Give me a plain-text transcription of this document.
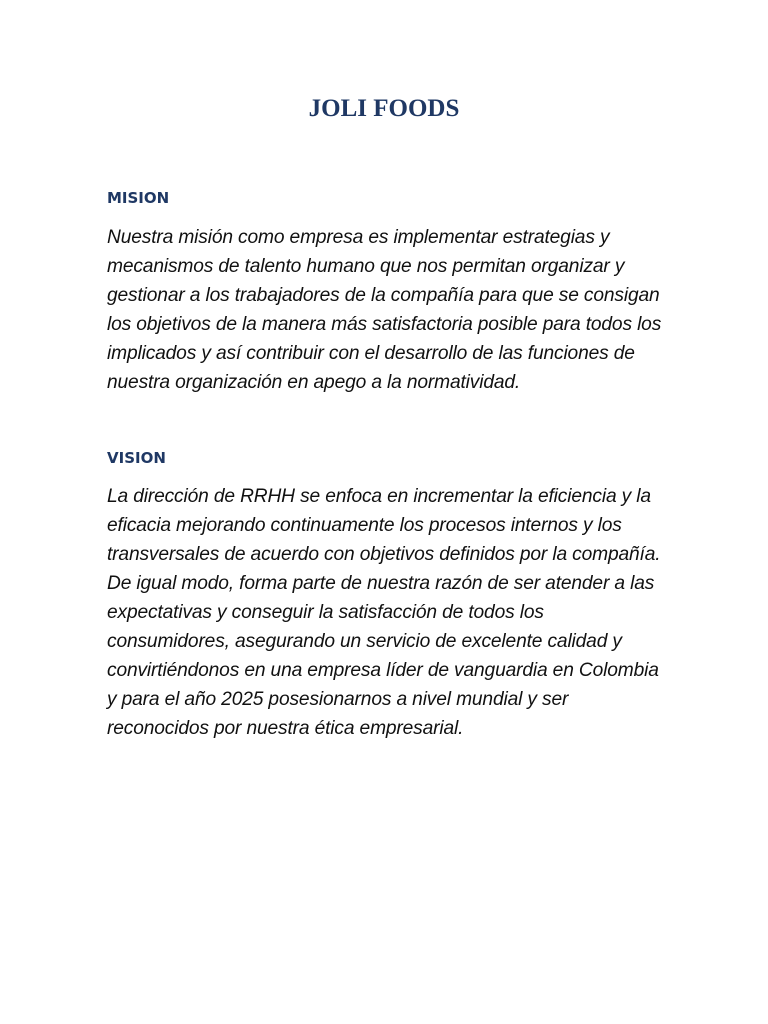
JOLI FOODS
MISION

Nuestra misión como empresa es implementar estrategias y mecanismos de talento humano que nos permitan organizar y gestionar a los trabajadores de la compañía para que se consigan los objetivos de la manera más satisfactoria posible para todos los implicados y así contribuir con el desarrollo de las funciones de nuestra organización en apego a la normatividad.

VISION

La dirección de RRHH se enfoca en incrementar la eficiencia y la eficacia mejorando continuamente los procesos internos y los transversales de acuerdo con objetivos definidos por la compañía. De igual modo, forma parte de nuestra razón de ser atender a las expectativas y conseguir la satisfacción de todos los consumidores, asegurando un servicio de excelente calidad y convirtiéndonos en una empresa líder de vanguardia en Colombia y para el año 2025 posesionarnos a nivel mundial y ser reconocidos por nuestra ética empresarial.
